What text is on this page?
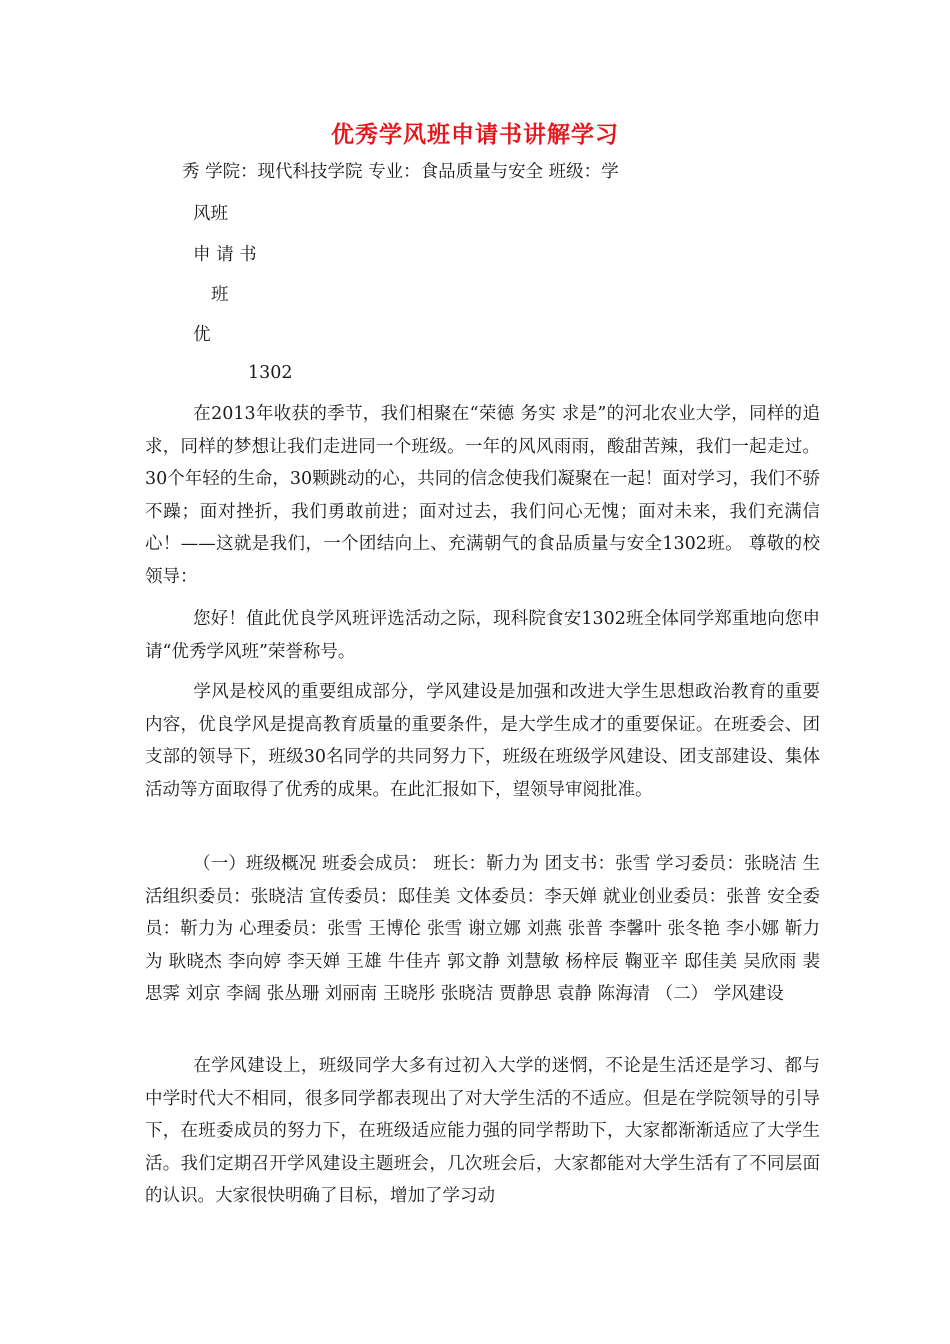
优秀学风班申请书讲解学习
秀 学院：现代科技学院 专业：食品质量与安全 班级：学
风班
申 请 书
班
优
1302

在2013年收获的季节，我们相聚在“荣德 务实 求是”的河北农业大学，同样的追求，同样的梦想让我们走进同一个班级。一年的风风雨雨，酸甜苦辣，我们一起走过。30个年轻的生命，30颗跳动的心，共同的信念使我们凝聚在一起！面对学习，我们不骄不躁；面对挫折，我们勇敢前进；面对过去，我们问心无愧；面对未来，我们充满信心！——这就是我们，一个团结向上、充满朝气的食品质量与安全1302班。 尊敬的校领导：

您好！值此优良学风班评选活动之际，现科院食安1302班全体同学郑重地向您申请“优秀学风班”荣誉称号。

学风是校风的重要组成部分，学风建设是加强和改进大学生思想政治教育的重要内容，优良学风是提高教育质量的重要条件，是大学生成才的重要保证。在班委会、团支部的领导下，班级30名同学的共同努力下，班级在班级学风建设、团支部建设、集体活动等方面取得了优秀的成果。在此汇报如下，望领导审阅批准。

（一）班级概况 班委会成员： 班长：靳力为 团支书：张雪 学习委员：张晓洁 生活组织委员：张晓洁 宣传委员：邸佳美 文体委员：李天婵 就业创业委员：张普 安全委员：靳力为 心理委员：张雪 王博伦 张雪 谢立娜 刘燕 张普 李馨叶 张冬艳 李小娜 靳力为 耿晓杰 李向婷 李天婵 王雄 牛佳卉 郭文静 刘慧敏 杨梓辰 鞠亚辛 邸佳美 吴欣雨 裴思霁 刘京 李阔 张丛珊 刘丽南 王晓彤 张晓洁 贾静思 袁静 陈海清 （二） 学风建设

在学风建设上，班级同学大多有过初入大学的迷惘，不论是生活还是学习、都与中学时代大不相同，很多同学都表现出了对大学生活的不适应。但是在学院领导的引导下，在班委成员的努力下，在班级适应能力强的同学帮助下，大家都渐渐适应了大学生活。我们定期召开学风建设主题班会，几次班会后，大家都能对大学生活有了不同层面的认识。大家很快明确了目标，增加了学习动
